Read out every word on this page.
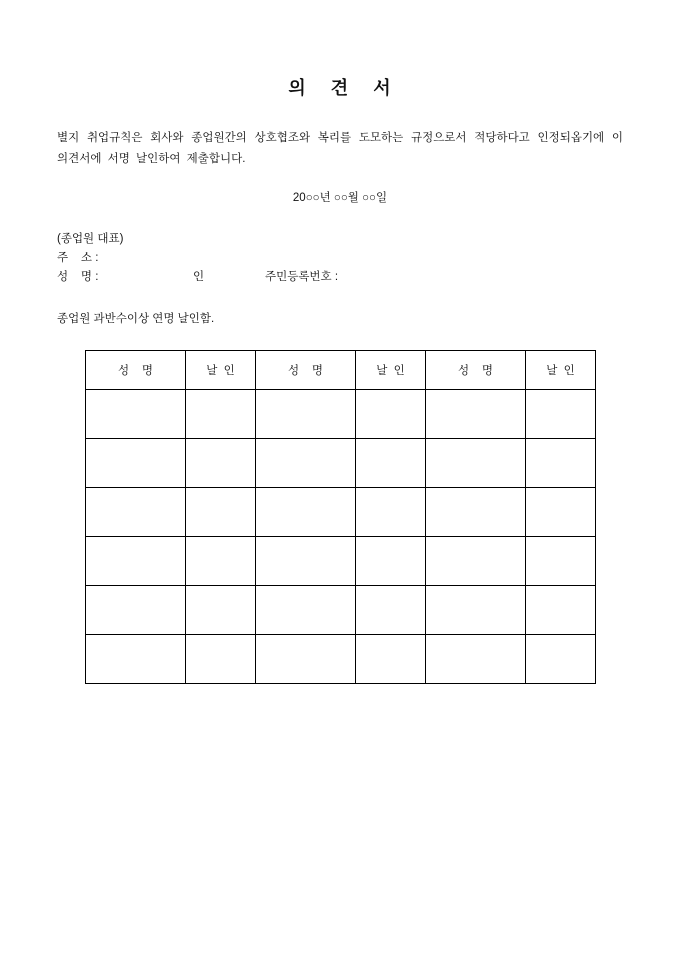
의    견    서
별지 취업규칙은 회사와 종업원간의 상호협조와 복리를 도모하는 규정으로서 적당하다고 인정되옵기에 이 의견서에 서명 날인하여 제출합니다.
20○○년 ○○월 ○○일
(종업원 대표)
주    소 :
성    명 :	인	주민등록번호 :
종업원 과반수이상 연명 날인함.
성    명	날  인	성    명	날  인	성    명	날  인
